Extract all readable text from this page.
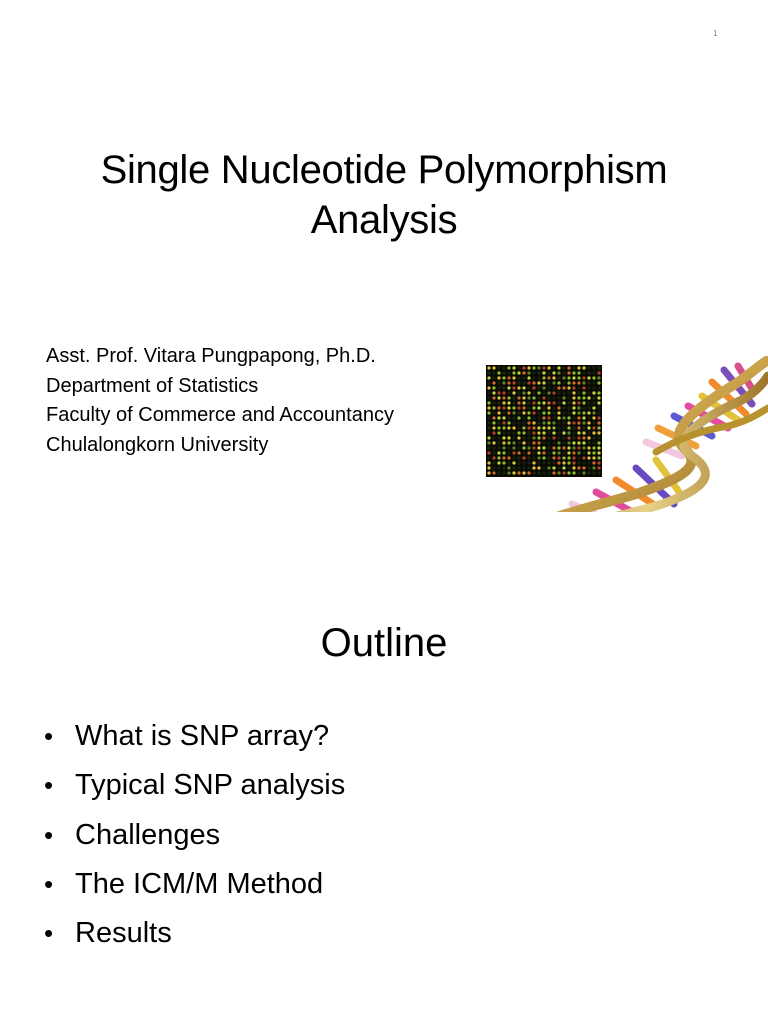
Single Nucleotide Polymorphism
Analysis
Asst. Prof. Vitara Pungpapong, Ph.D.
Department of Statistics
Faculty of Commerce and Accountancy
Chulalongkorn University
1
Outline
• What is SNP array?
• Typical SNP analysis
• Challenges
• The ICM/M Method
• Results
